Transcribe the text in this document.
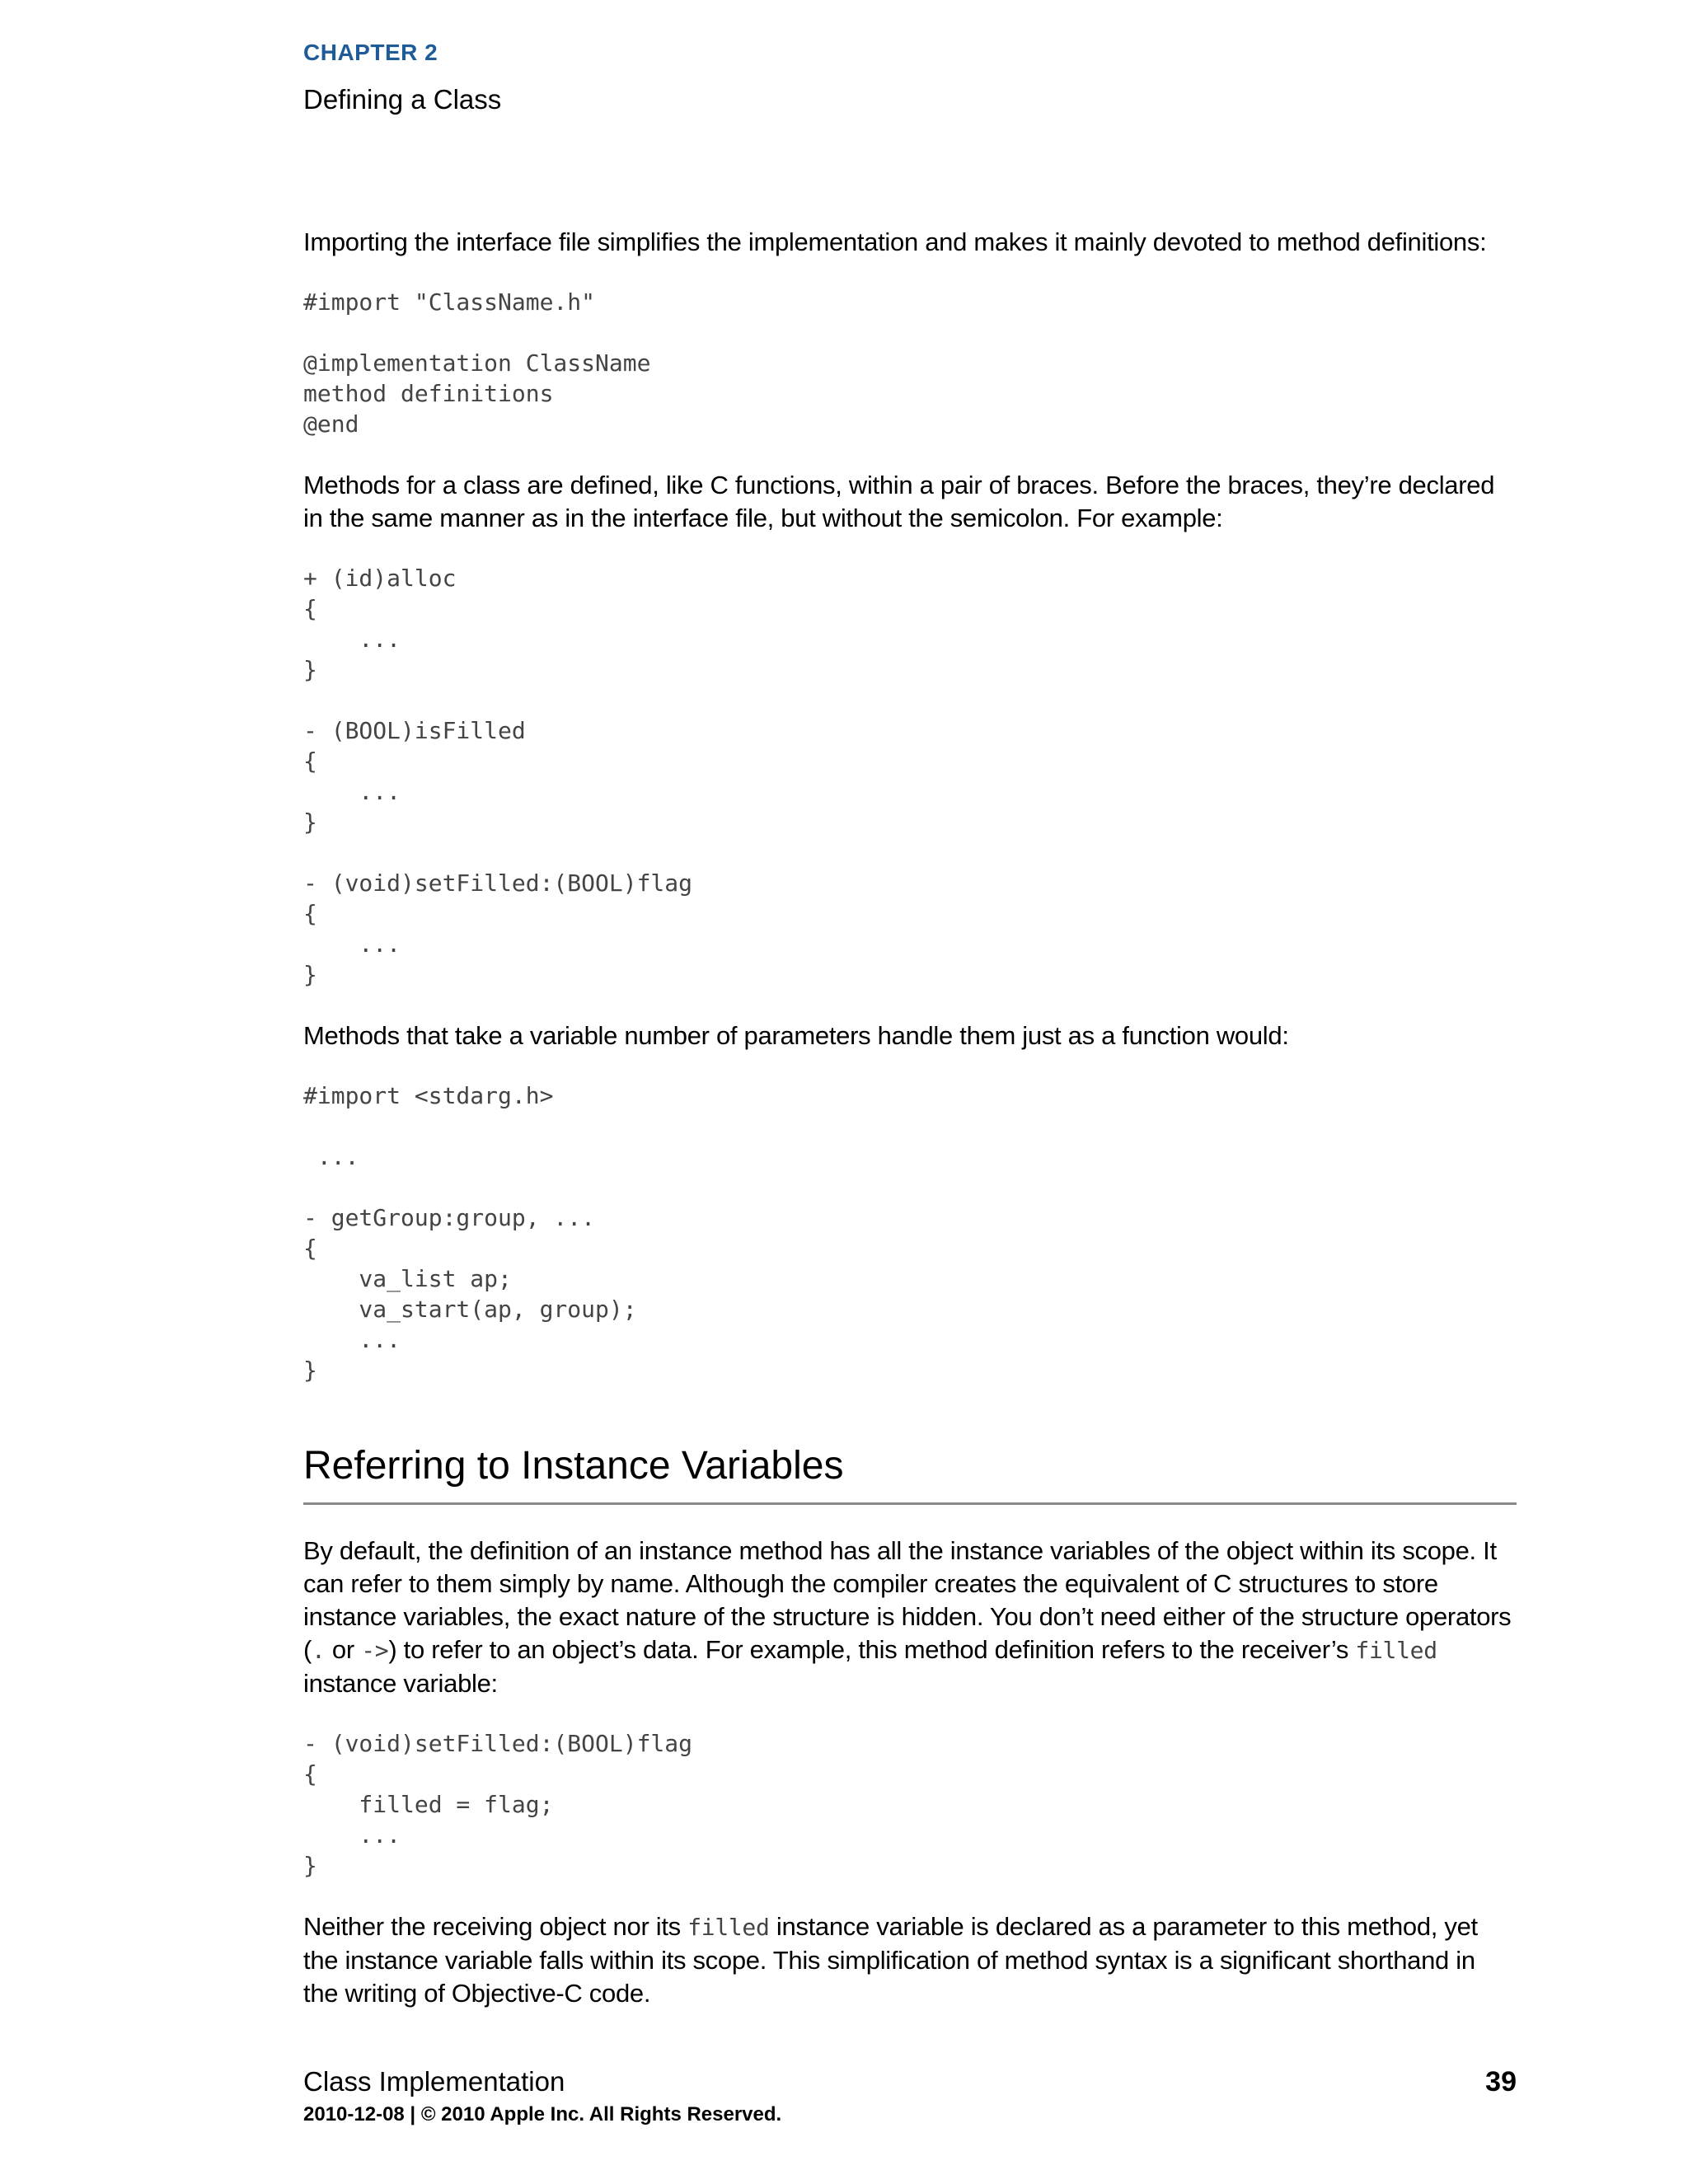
CHAPTER 2
Defining a Class

Importing the interface file simplifies the implementation and makes it mainly devoted to method definitions:

#import "ClassName.h"

@implementation ClassName
method definitions
@end

Methods for a class are defined, like C functions, within a pair of braces. Before the braces, they’re declared in the same manner as in the interface file, but without the semicolon. For example:

+ (id)alloc
{
...
}

- (BOOL)isFilled
{
...
}

- (void)setFilled:(BOOL)flag
{
...
}

Methods that take a variable number of parameters handle them just as a function would:

#import <stdarg.h>

...

- getGroup:group, ...
{
va_list ap;
va_start(ap, group);
...
}
Referring to Instance Variables

By default, the definition of an instance method has all the instance variables of the object within its scope. It can refer to them simply by name. Although the compiler creates the equivalent of C structures to store instance variables, the exact nature of the structure is hidden. You don’t need either of the structure operators (. or ->) to refer to an object’s data. For example, this method definition refers to the receiver’s filled instance variable:

- (void)setFilled:(BOOL)flag
{
filled = flag;
...
}

Neither the receiving object nor its filled instance variable is declared as a parameter to this method, yet the instance variable falls within its scope. This simplification of method syntax is a significant shorthand in the writing of Objective-C code.

Class Implementation	39
2010-12-08 | © 2010 Apple Inc. All Rights Reserved.
